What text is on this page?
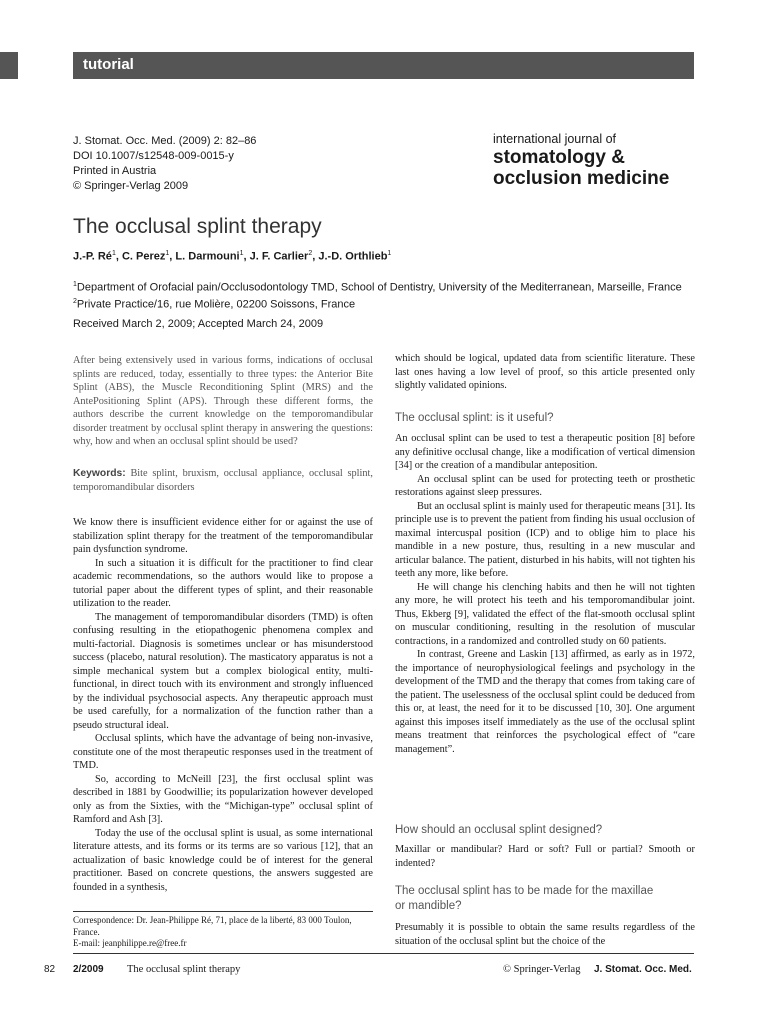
tutorial
J. Stomat. Occ. Med. (2009) 2: 82–86
DOI 10.1007/s12548-009-0015-y
Printed in Austria
© Springer-Verlag 2009
international journal of
stomatology &
occlusion medicine
The occlusal splint therapy
J.-P. $Ré^1$, C. Perez$^1$, L. Darmouni$^1$, J. F. Carlier$^2$, J.-D. Orthlieb$^1$
$^1$Department of Orofacial pain/Occlusodontology TMD, School of Dentistry, University of the Mediterranean, Marseille, France
$^2$Private Practice/16, rue Molière, 02200 Soissons, France
Received March 2, 2009; Accepted March 24, 2009

After being extensively used in various forms, indications of occlusal splints are reduced, today, essentially to three types: the Anterior Bite Splint (ABS), the Muscle Reconditioning Splint (MRS) and the AntePositioning Splint (APS). Through these different forms, the authors describe the current knowledge on the temporomandibular disorder treatment by occlusal splint therapy in answering the questions: why, how and when an occlusal splint should be used?

Keywords: Bite splint, bruxism, occlusal appliance, occlusal splint, temporomandibular disorders

We know there is insufficient evidence either for or against the use of stabilization splint therapy for the treatment of the temporomandibular pain dysfunction syndrome.

In such a situation it is difficult for the practitioner to find clear academic recommendations, so the authors would like to propose a tutorial paper about the different types of splint, and their reasonable utilization to the reader.

The management of temporomandibular disorders (TMD) is often confusing resulting in the etiopathogenic phenomena complex and multi-factorial. Diagnosis is sometimes unclear or has misunderstood success (placebo, natural resolution). The masticatory apparatus is not a simple mechanical system but a complex biological entity, multi-functional, in direct touch with its environment and strongly influenced by the individual psychosocial aspects. Any therapeutic approach must be used carefully, for a normalization of the function rather than a pseudo structural ideal.

Occlusal splints, which have the advantage of being non-invasive, constitute one of the most therapeutic responses used in the treatment of TMD.

So, according to McNeill [23], the first occlusal splint was described in 1881 by Goodwillie; its popularization however developed only as from the Sixties, with the “Michigan-type” occlusal splint of Ramford and Ash [3].

Today the use of the occlusal splint is usual, as some international literature attests, and its forms or its terms are so various [12], that an actualization of basic knowledge could be of interest for the general practitioner. Based on concrete questions, the answers suggested are founded in a synthesis,

Correspondence: Dr. Jean-Philippe Ré, 71, place de la liberté, 83 000 Toulon, France.
E-mail: jeanphilippe.re@free.fr

which should be logical, updated data from scientific literature. These last ones having a low level of proof, so this article presented only slightly validated opinions.

The occlusal splint: is it useful?

An occlusal splint can be used to test a therapeutic position [8] before any definitive occlusal change, like a modification of vertical dimension [34] or the creation of a mandibular anteposition.

An occlusal splint can be used for protecting teeth or prosthetic restorations against sleep pressures.

But an occlusal splint is mainly used for therapeutic means [31]. Its principle use is to prevent the patient from finding his usual occlusion of maximal intercuspal position (ICP) and to oblige him to place his mandible in a new posture, thus, resulting in a new muscular and articular balance. The patient, disturbed in his habits, will not tighten his teeth any more, like before.

He will change his clenching habits and then he will not tighten any more, he will protect his teeth and his temporomandibular joint. Thus, Ekberg [9], validated the effect of the flat-smooth occlusal splint on muscular conditioning, resulting in the resolution of muscular contractions, in a randomized and controlled study on 60 patients.

In contrast, Greene and Laskin [13] affirmed, as early as in 1972, the importance of neurophysiological feelings and psychology in the development of the TMD and the therapy that comes from taking care of the patient. The uselessness of the occlusal splint could be deduced from this or, at least, the need for it to be discussed [10, 30]. One argument against this imposes itself immediately as the use of the occlusal splint means treatment that reinforces the psychological effect of “care management”.

How should an occlusal splint designed?

Maxillar or mandibular? Hard or soft? Full or partial? Smooth or indented?

The occlusal splint has to be made for the maxillae
or mandible?

Presumably it is possible to obtain the same results regardless of the situation of the occlusal splint but the choice of the

82 2/2009 The occlusal splint therapy	© Springer-Verlag J. Stomat. Occ. Med.
